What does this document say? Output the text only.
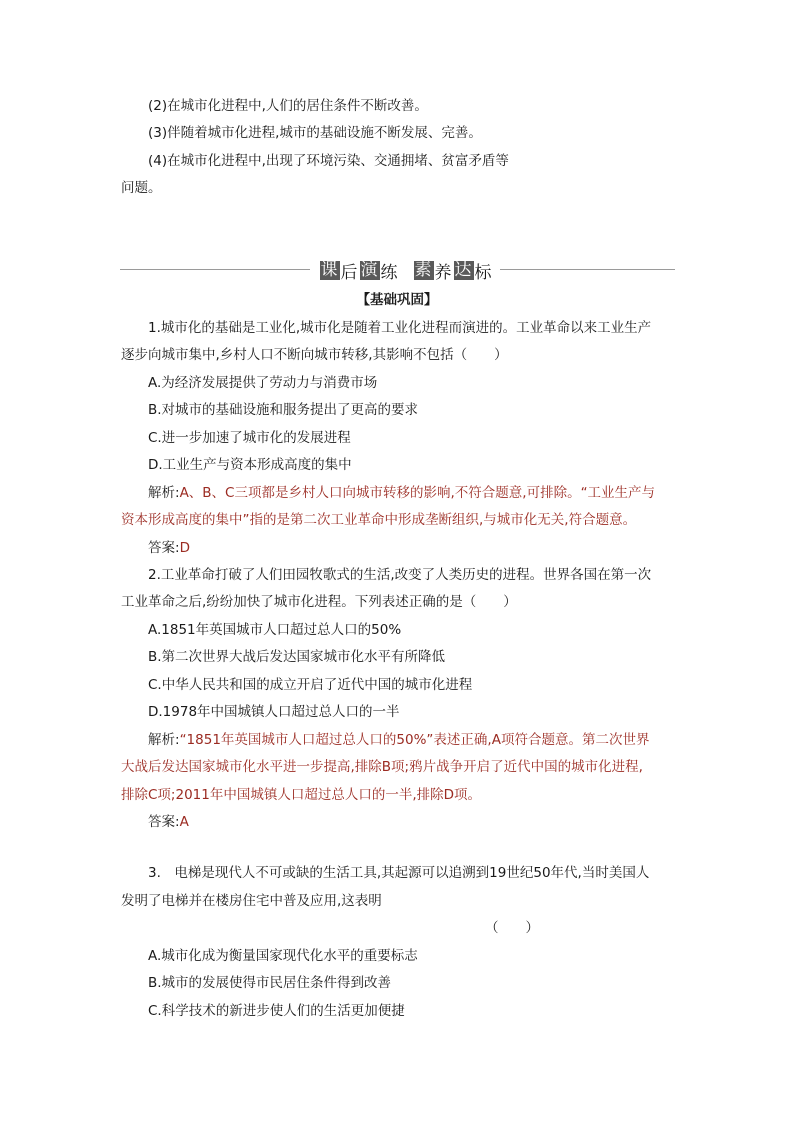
(2)在城市化进程中,人们的居住条件不断改善。
(3)伴随着城市化进程,城市的基础设施不断发展、完善。
(4)在城市化进程中,出现了环境污染、交通拥堵、贫富矛盾等
问题。
课 后 演 练 素 养 达 标
【基础巩固】
1.城市化的基础是工业化,城市化是随着工业化进程而演进的。工业革命以来工业生产
逐步向城市集中,乡村人口不断向城市转移,其影响不包括（　　）
A.为经济发展提供了劳动力与消费市场
B.对城市的基础设施和服务提出了更高的要求
C.进一步加速了城市化的发展进程
D.工业生产与资本形成高度的集中
解析:A、B、C三项都是乡村人口向城市转移的影响,不符合题意,可排除。“工业生产与
资本形成高度的集中”指的是第二次工业革命中形成垄断组织,与城市化无关,符合题意。
答案:D
2.工业革命打破了人们田园牧歌式的生活,改变了人类历史的进程。世界各国在第一次
工业革命之后,纷纷加快了城市化进程。下列表述正确的是（　　）
A.1851年英国城市人口超过总人口的50%
B.第二次世界大战后发达国家城市化水平有所降低
C.中华人民共和国的成立开启了近代中国的城市化进程
D.1978年中国城镇人口超过总人口的一半
解析:“1851年英国城市人口超过总人口的50%”表述正确,A项符合题意。第二次世界
大战后发达国家城市化水平进一步提高,排除B项;鸦片战争开启了近代中国的城市化进程,
排除C项;2011年中国城镇人口超过总人口的一半,排除D项。
答案:A
3.　电梯是现代人不可或缺的生活工具,其起源可以追溯到19世纪50年代,当时美国人
发明了电梯并在楼房住宅中普及应用,这表明
（　　）
A.城市化成为衡量国家现代化水平的重要标志
B.城市的发展使得市民居住条件得到改善
C.科学技术的新进步使人们的生活更加便捷
